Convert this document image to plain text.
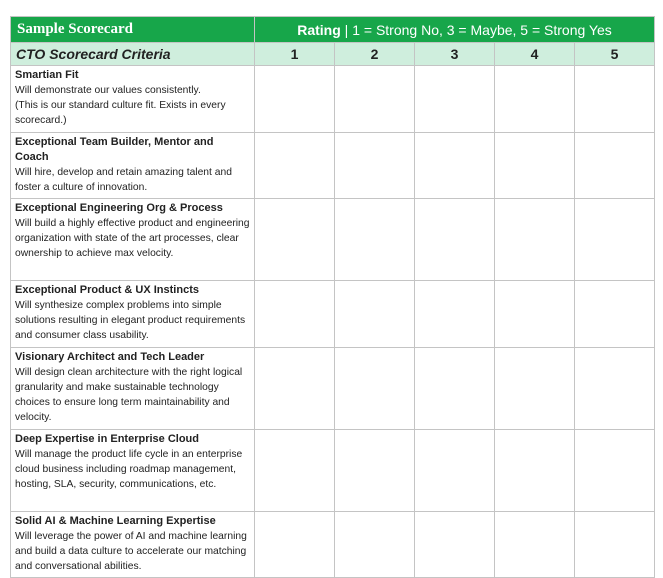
Sample Scorecard	Rating | 1 = Strong No, 3 = Maybe, 5 = Strong Yes				
CTO Scorecard Criteria	1	2	3	4	5

Smartian Fit
Will demonstrate our values consistently.
(This is our standard culture fit. Exists in every scorecard.)					

Exceptional Team Builder, Mentor and Coach
Will hire, develop and retain amazing talent and foster a culture of innovation.					

Exceptional Engineering Org & Process
Will build a highly effective product and engineering organization with state of the art processes, clear ownership to achieve max velocity.					

Exceptional Product & UX Instincts
Will synthesize complex problems into simple solutions resulting in elegant product requirements and consumer class usability.					

Visionary Architect and Tech Leader
Will design clean architecture with the right logical granularity and make sustainable technology choices to ensure long term maintainability and velocity.					

Deep Expertise in Enterprise Cloud
Will manage the product life cycle in an enterprise cloud business including roadmap management, hosting, SLA, security, communications, etc.					

Solid AI & Machine Learning Expertise
Will leverage the power of AI and machine learning and build a data culture to accelerate our matching and conversational abilities.					
